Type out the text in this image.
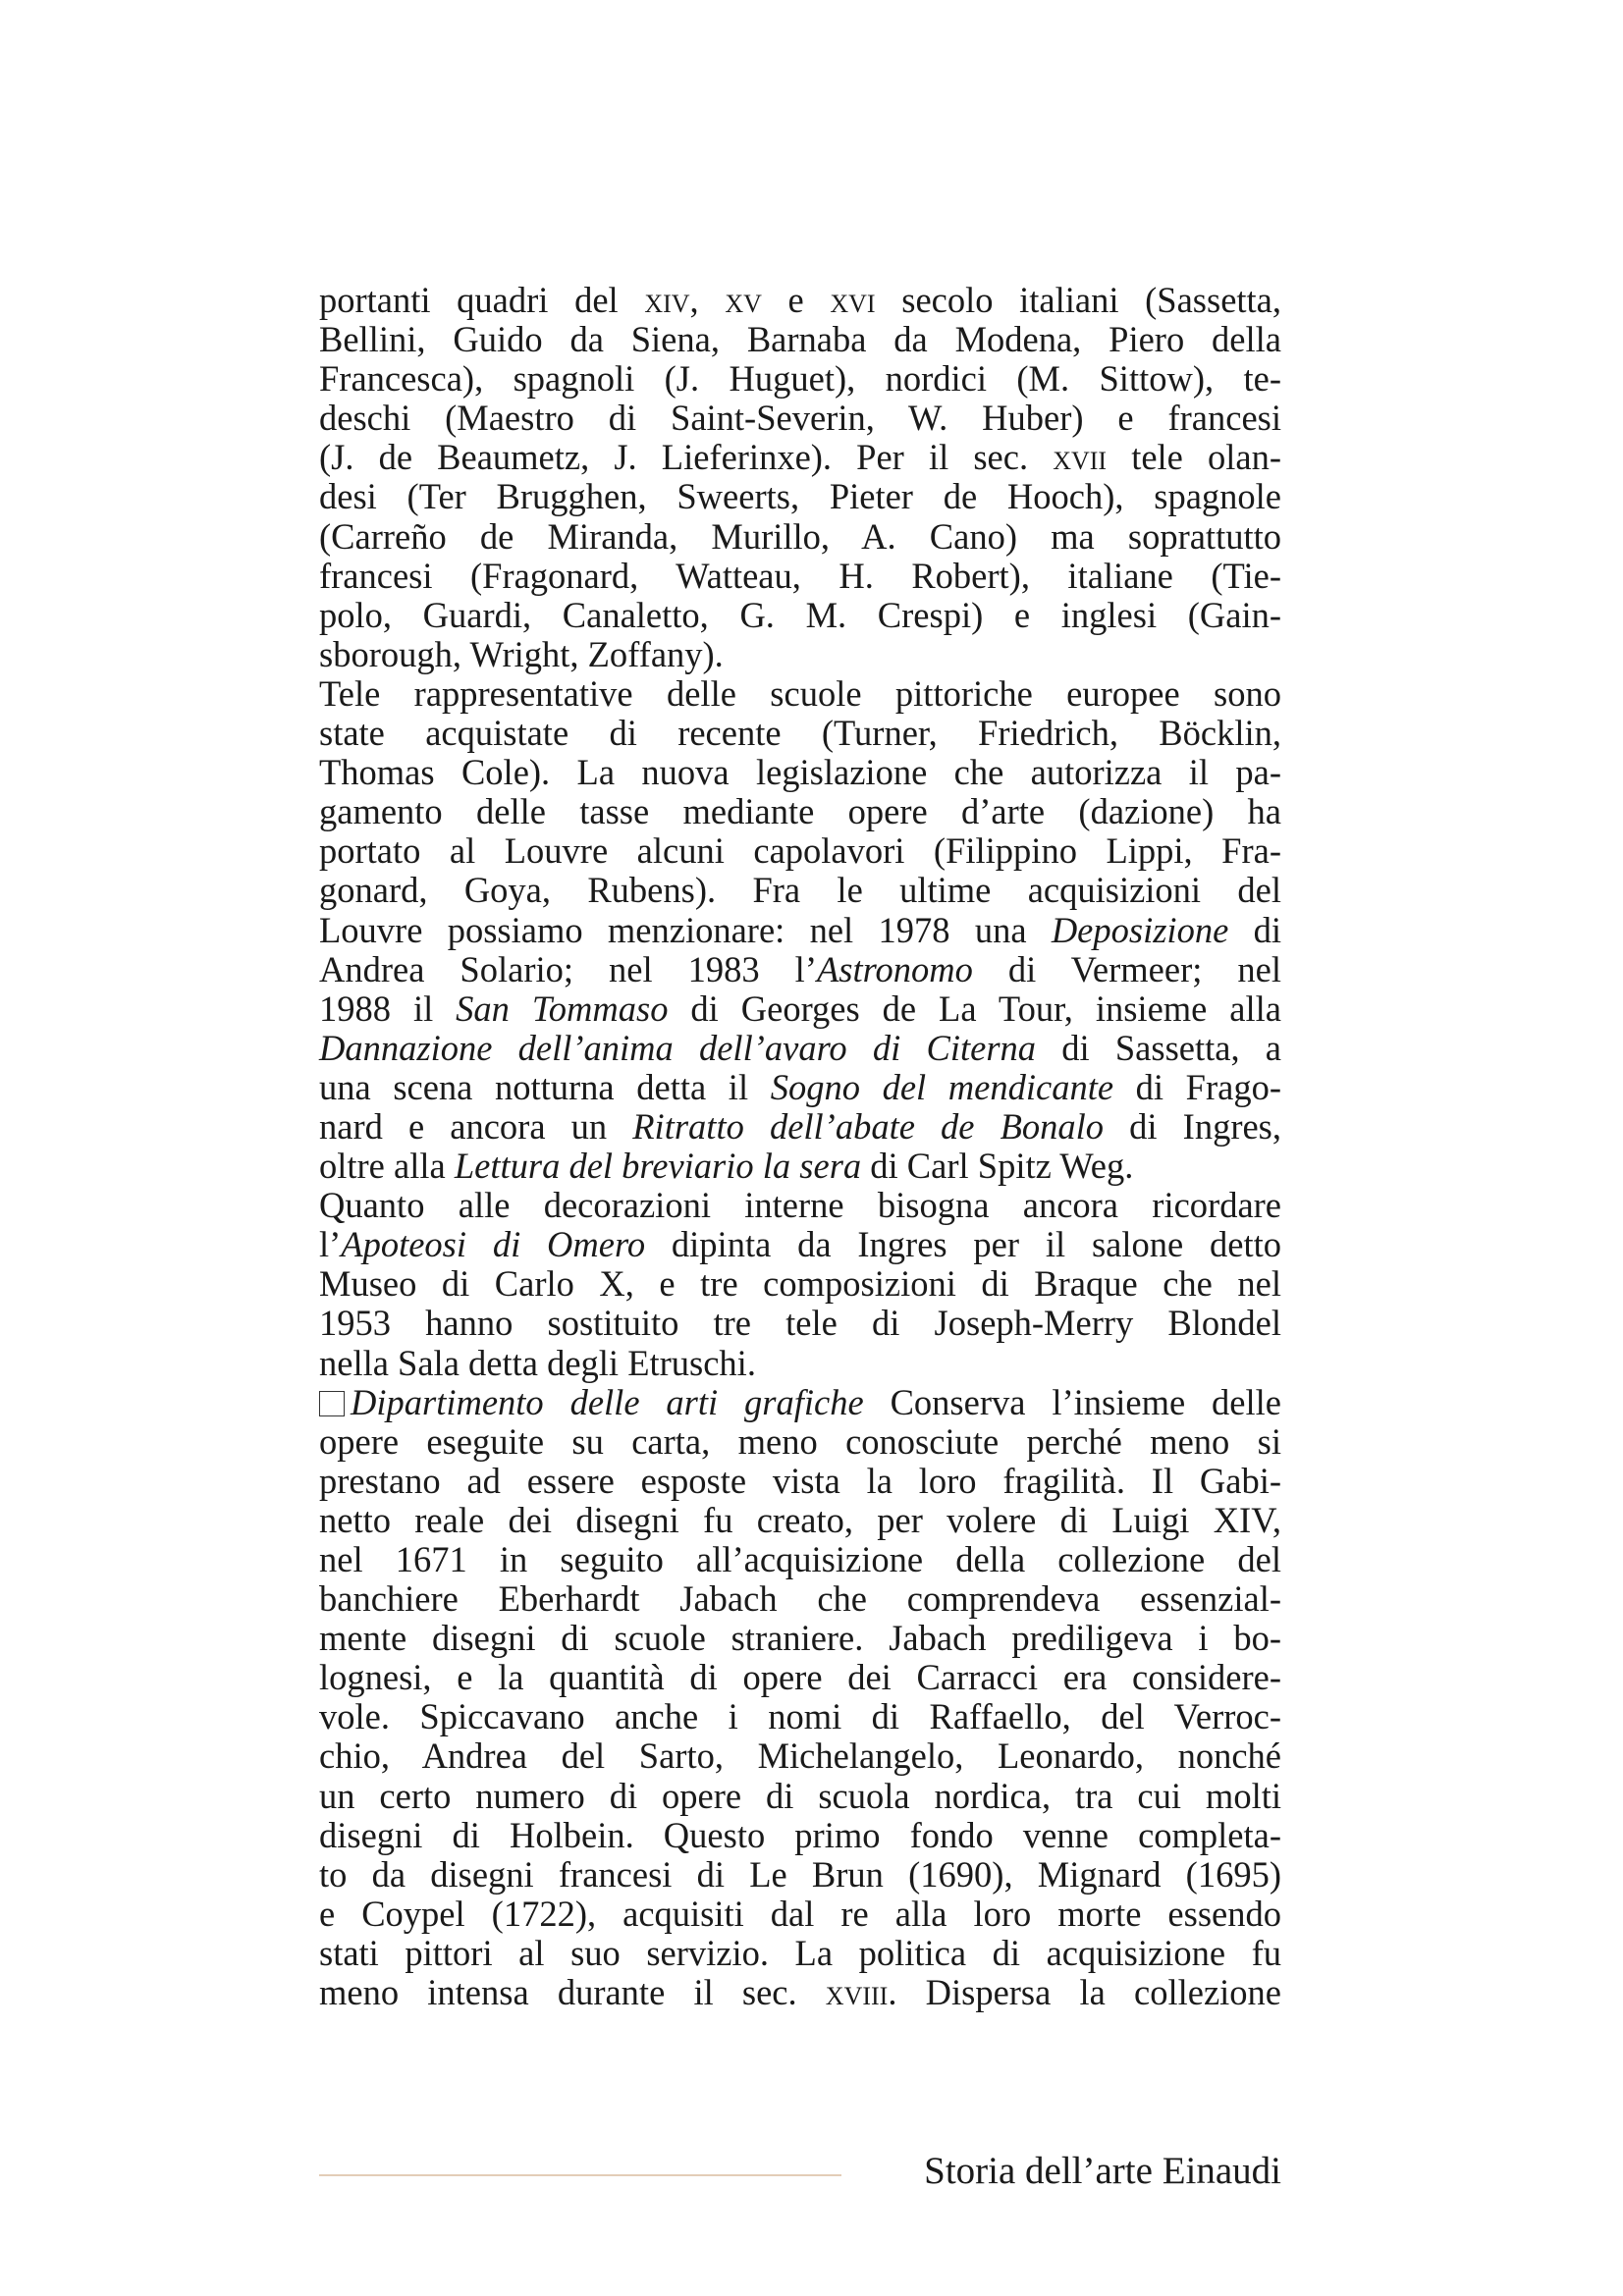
portanti quadri del xiv, xv e xvi secolo italiani (Sassetta,
Bellini, Guido da Siena, Barnaba da Modena, Piero della
Francesca), spagnoli (J. Huguet), nordici (M. Sittow), te-
deschi (Maestro di Saint-Severin, W. Huber) e francesi
(J. de Beaumetz, J. Lieferinxe). Per il sec. xvii tele olan-
desi (Ter Brugghen, Sweerts, Pieter de Hooch), spagnole
(Carreño de Miranda, Murillo, A. Cano) ma soprattutto
francesi (Fragonard, Watteau, H. Robert), italiane (Tie-
polo, Guardi, Canaletto, G. M. Crespi) e inglesi (Gain-
sborough, Wright, Zoffany).
Tele rappresentative delle scuole pittoriche europee sono
state acquistate di recente (Turner, Friedrich, Böcklin,
Thomas Cole). La nuova legislazione che autorizza il pa-
gamento delle tasse mediante opere d’arte (dazione) ha
portato al Louvre alcuni capolavori (Filippino Lippi, Fra-
gonard, Goya, Rubens). Fra le ultime acquisizioni del
Louvre possiamo menzionare: nel 1978 una Deposizione di
Andrea Solario; nel 1983 l’Astronomo di Vermeer; nel
1988 il San Tommaso di Georges de La Tour, insieme alla
Dannazione dell’anima dell’avaro di Citerna di Sassetta, a
una scena notturna detta il Sogno del mendicante di Frago-
nard e ancora un Ritratto dell’abate de Bonalo di Ingres,
oltre alla Lettura del breviario la sera di Carl Spitz Weg.
Quanto alle decorazioni interne bisogna ancora ricordare
l’Apoteosi di Omero dipinta da Ingres per il salone detto
Museo di Carlo X, e tre composizioni di Braque che nel
1953 hanno sostituito tre tele di Joseph-Merry Blondel
nella Sala detta degli Etruschi.
Dipartimento delle arti grafiche Conserva l’insieme delle
opere eseguite su carta, meno conosciute perché meno si
prestano ad essere esposte vista la loro fragilità. Il Gabi-
netto reale dei disegni fu creato, per volere di Luigi XIV,
nel 1671 in seguito all’acquisizione della collezione del
banchiere Eberhardt Jabach che comprendeva essenzial-
mente disegni di scuole straniere. Jabach prediligeva i bo-
lognesi, e la quantità di opere dei Carracci era considere-
vole. Spiccavano anche i nomi di Raffaello, del Verroc-
chio, Andrea del Sarto, Michelangelo, Leonardo, nonché
un certo numero di opere di scuola nordica, tra cui molti
disegni di Holbein. Questo primo fondo venne completa-
to da disegni francesi di Le Brun (1690), Mignard (1695)
e Coypel (1722), acquisiti dal re alla loro morte essendo
stati pittori al suo servizio. La politica di acquisizione fu
meno intensa durante il sec. xviii. Dispersa la collezione
Storia dell’arte Einaudi
